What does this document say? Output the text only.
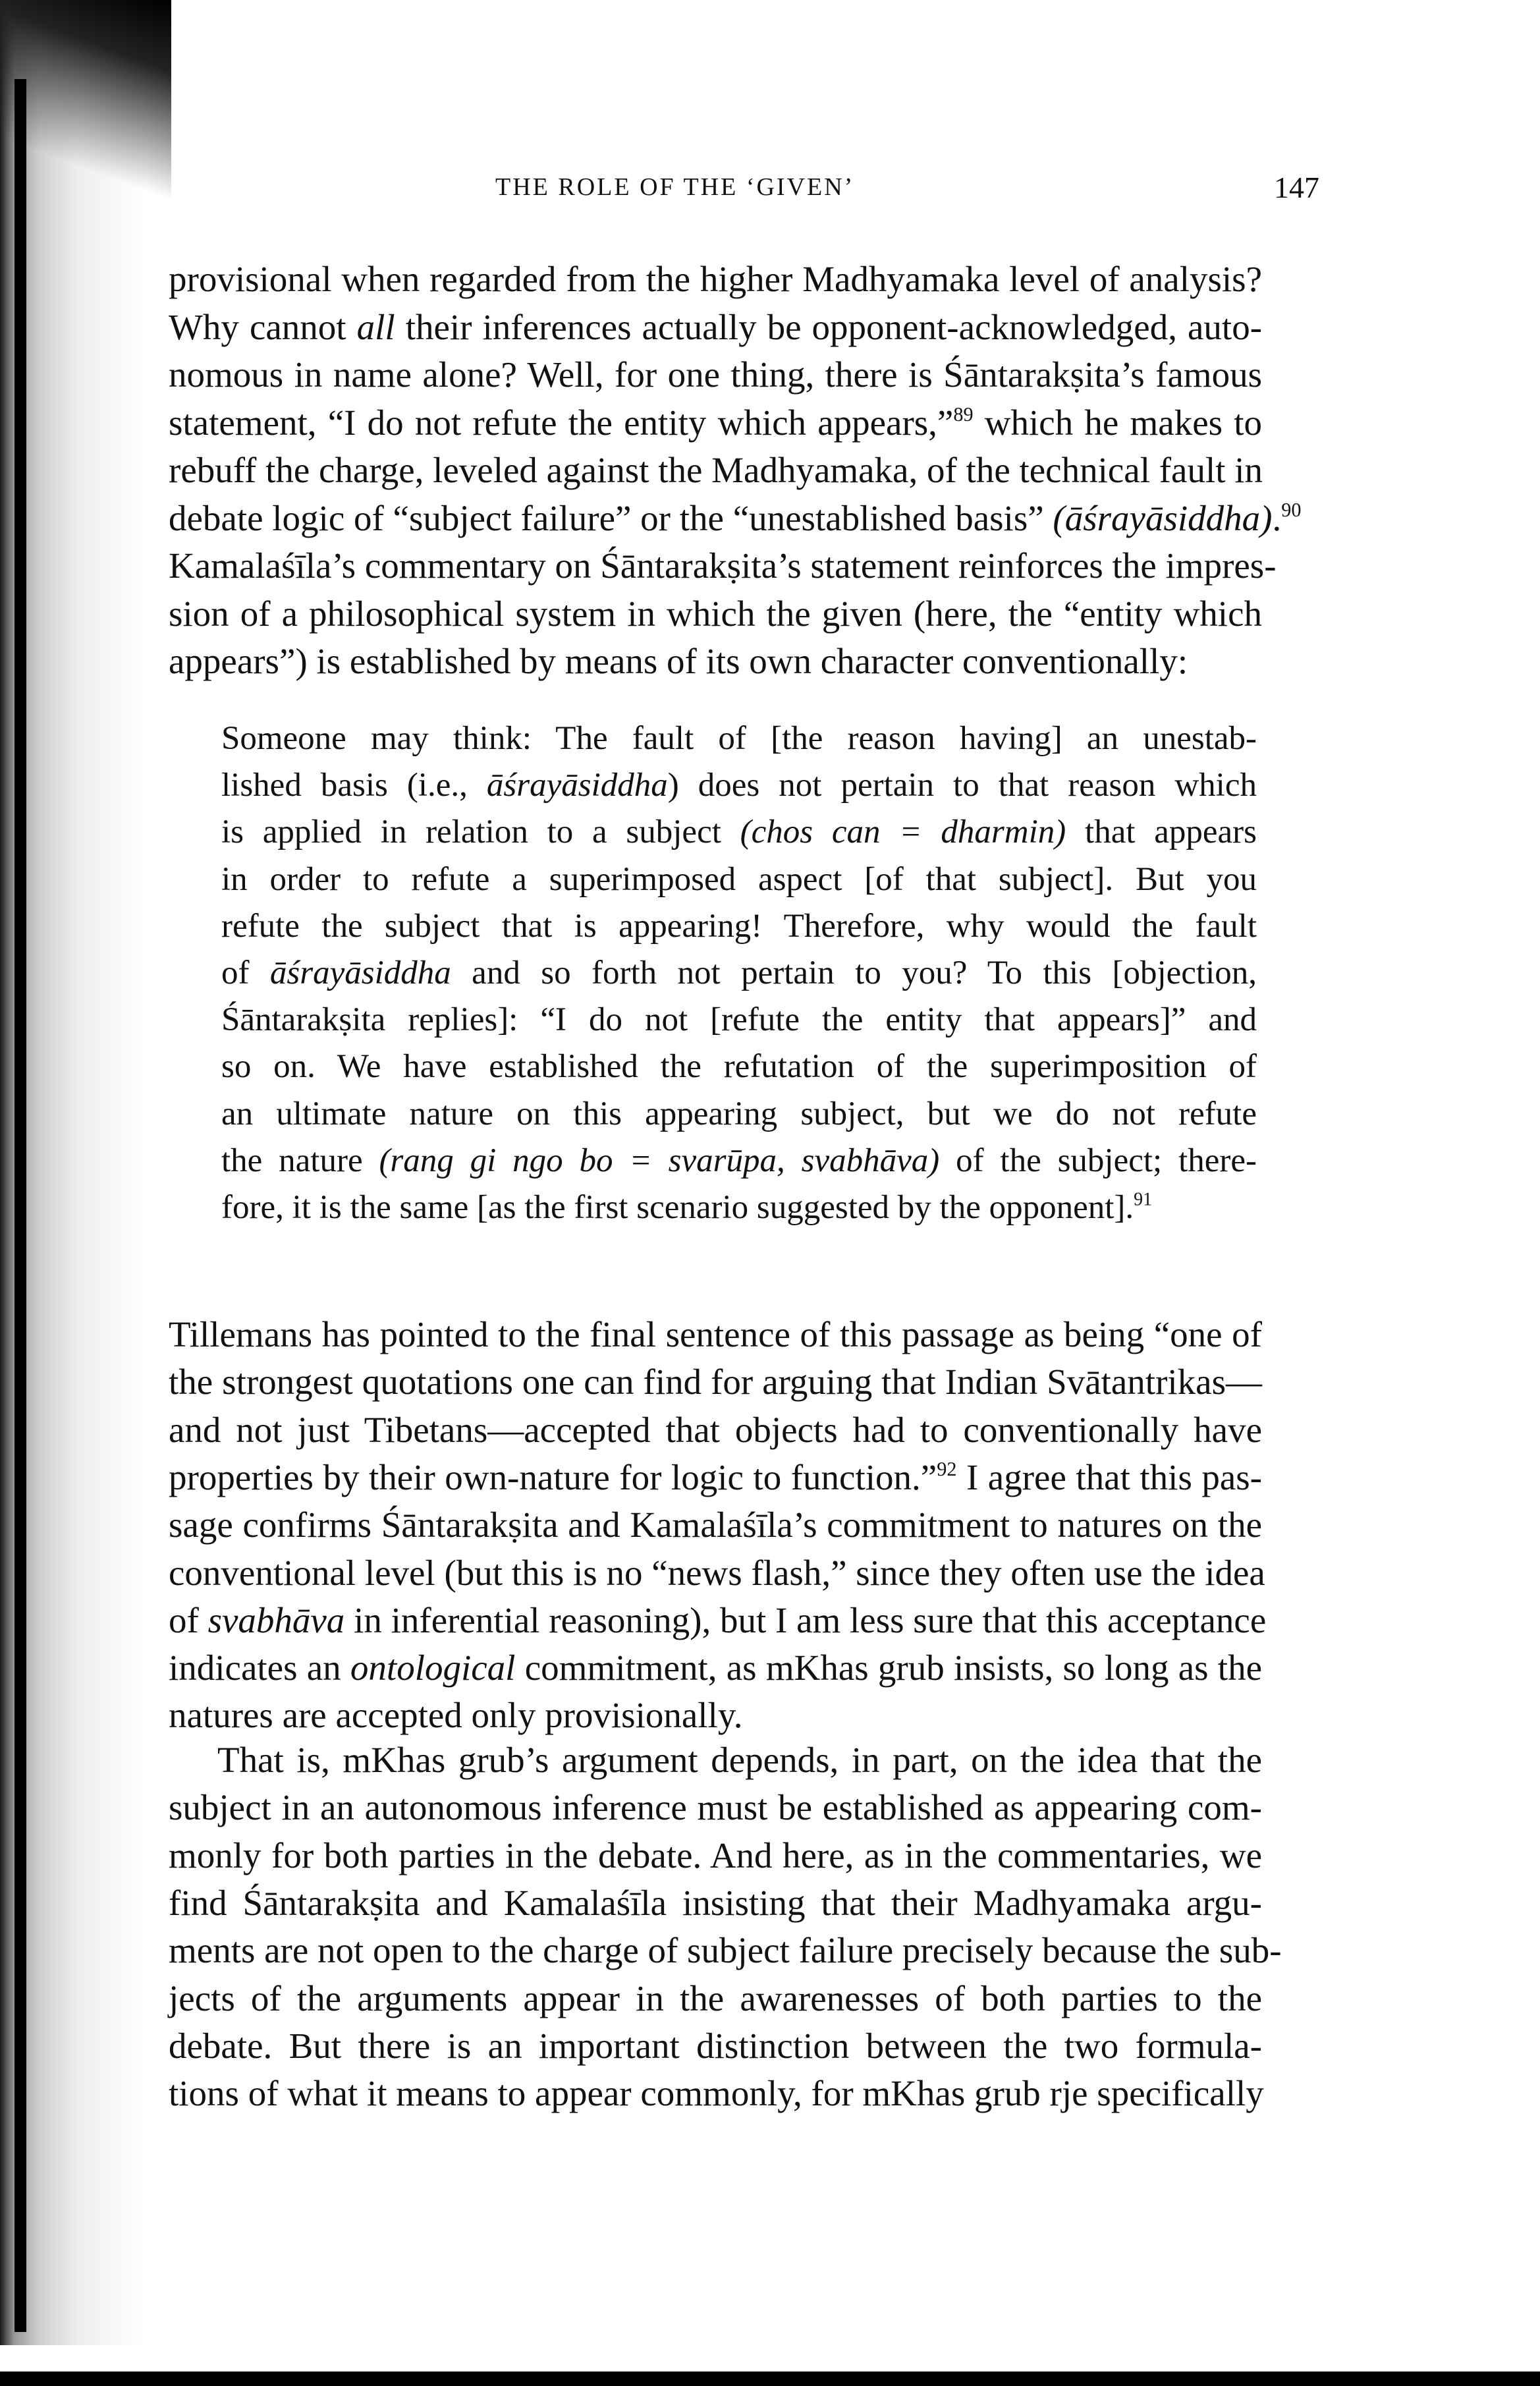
THE ROLE OF THE ‘GIVEN’	147
provisional when regarded from the higher Madhyamaka level of analysis?
Why cannot all their inferences actually be opponent-acknowledged, auto-
nomous in name alone? Well, for one thing, there is Śāntarakṣita’s famous
statement, “I do not refute the entity which appears,”$^{89}$ which he makes to
rebuff the charge, leveled against the Madhyamaka, of the technical fault in
debate logic of “subject failure” or the “unestablished basis” (āśrayāsiddha).$^{90}$
Kamalaśīla’s commentary on Śāntarakṣita’s statement reinforces the impres-
sion of a philosophical system in which the given (here, the “entity which
appears”) is established by means of its own character conventionally:
Someone may think: The fault of [the reason having] an unestab-
lished basis (i.e., āśrayāsiddha) does not pertain to that reason which
is applied in relation to a subject (chos can = dharmin) that appears
in order to refute a superimposed aspect [of that subject]. But you
refute the subject that is appearing! Therefore, why would the fault
of āśrayāsiddha and so forth not pertain to you? To this [objection,
Śāntarakṣita replies]: “I do not [refute the entity that appears]” and
so on. We have established the refutation of the superimposition of
an ultimate nature on this appearing subject, but we do not refute
the nature (rang gi ngo bo = svarūpa, svabhāva) of the subject; there-
fore, it is the same [as the first scenario suggested by the opponent].$^{91}$
Tillemans has pointed to the final sentence of this passage as being “one of
the strongest quotations one can find for arguing that Indian Svātantrikas—
and not just Tibetans—accepted that objects had to conventionally have
properties by their own-nature for logic to function.”$^{92}$ I agree that this pas-
sage confirms Śāntarakṣita and Kamalaśīla’s commitment to natures on the
conventional level (but this is no “news flash,” since they often use the idea
of svabhāva in inferential reasoning), but I am less sure that this acceptance
indicates an ontological commitment, as mKhas grub insists, so long as the
natures are accepted only provisionally.
That is, mKhas grub’s argument depends, in part, on the idea that the
subject in an autonomous inference must be established as appearing com-
monly for both parties in the debate. And here, as in the commentaries, we
find Śāntarakṣita and Kamalaśīla insisting that their Madhyamaka argu-
ments are not open to the charge of subject failure precisely because the sub-
jects of the arguments appear in the awarenesses of both parties to the
debate. But there is an important distinction between the two formula-
tions of what it means to appear commonly, for mKhas grub rje specifically
